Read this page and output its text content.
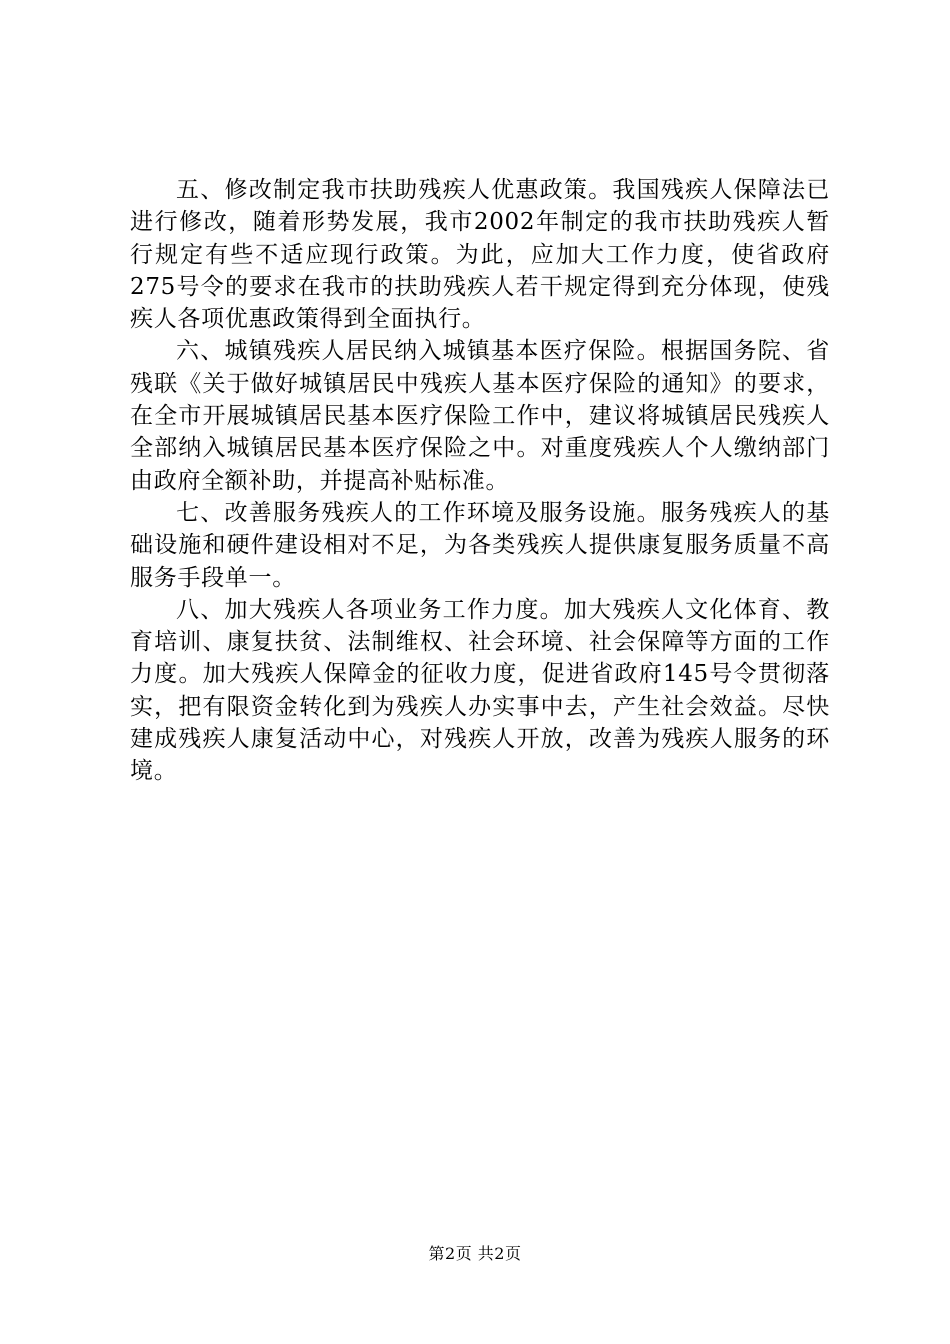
五、修改制定我市扶助残疾人优惠政策。我国残疾人保障法已进行修改，随着形势发展，我市2002年制定的我市扶助残疾人暂行规定有些不适应现行政策。为此，应加大工作力度，使省政府275号令的要求在我市的扶助残疾人若干规定得到充分体现，使残疾人各项优惠政策得到全面执行。

六、城镇残疾人居民纳入城镇基本医疗保险。根据国务院、省残联《关于做好城镇居民中残疾人基本医疗保险的通知》的要求，在全市开展城镇居民基本医疗保险工作中，建议将城镇居民残疾人全部纳入城镇居民基本医疗保险之中。对重度残疾人个人缴纳部门由政府全额补助，并提高补贴标准。

七、改善服务残疾人的工作环境及服务设施。服务残疾人的基础设施和硬件建设相对不足，为各类残疾人提供康复服务质量不高服务手段单一。

八、加大残疾人各项业务工作力度。加大残疾人文化体育、教育培训、康复扶贫、法制维权、社会环境、社会保障等方面的工作力度。加大残疾人保障金的征收力度，促进省政府145号令贯彻落实，把有限资金转化到为残疾人办实事中去，产生社会效益。尽快建成残疾人康复活动中心，对残疾人开放，改善为残疾人服务的环境。

第2页 共2页
